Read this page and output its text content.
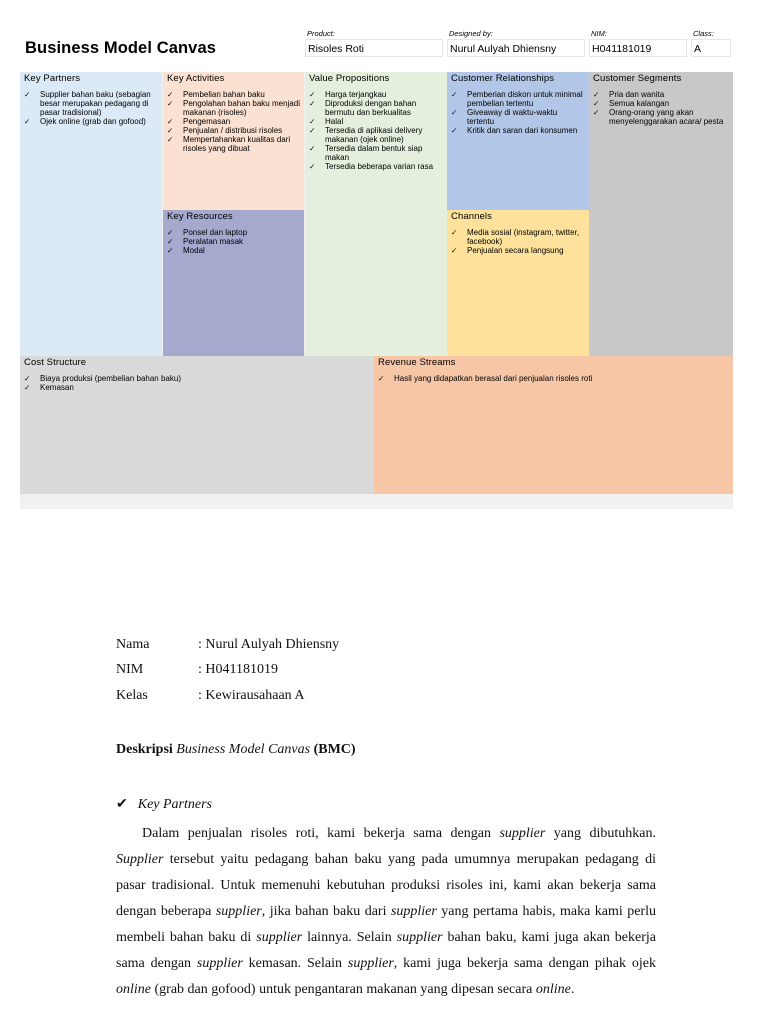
Business Model Canvas
Product:
Risoles Roti
Designed by:
Nurul Aulyah Dhiensny
NIM:
H041181019
Class:
A
Key Partners
✓ Supplier bahan baku (sebagian besar merupakan pedagang di pasar tradisional)
✓ Ojek online (grab dan gofood)
Key Activities
✓ Pembelian bahan baku
✓ Pengolahan bahan baku menjadi makanan (risoles)
✓ Pengemasan
✓ Penjualan / distribusi risoles
✓ Mempertahankan kualitas dari risoles yang dibuat
Key Resources
✓ Ponsel dan laptop
✓ Peralatan masak
✓ Modal
Value Propositions
✓ Harga terjangkau
✓ Diproduksi dengan bahan bermutu dan berkualitas
✓ Halal
✓ Tersedia di aplikasi delivery makanan (ojek online)
✓ Tersedia dalam bentuk siap makan
✓ Tersedia beberapa varian rasa
Customer Relationships
✓ Pemberian diskon untuk minimal pembelian tertentu
✓ Giveaway di waktu-waktu tertentu
✓ Kritik dan saran dari konsumen
Channels
✓ Media sosial (instagram, twitter, facebook)
✓ Penjualan secara langsung
Customer Segments
✓ Pria dan wanita
✓ Semua kalangan
✓ Orang-orang yang akan menyelenggarakan acara/ pesta
Cost Structure
✓ Biaya produksi (pembelian bahan baku)
✓ Kemasan
Revenue Streams
✓ Hasil yang didapatkan berasal dari penjualan risoles roti
Nama	: Nurul Aulyah Dhiensny
NIM	: H041181019
Kelas	: Kewirausahaan A
Deskripsi Business Model Canvas (BMC)
✔ Key Partners
Dalam penjualan risoles roti, kami bekerja sama dengan supplier yang dibutuhkan. Supplier tersebut yaitu pedagang bahan baku yang pada umumnya merupakan pedagang di pasar tradisional. Untuk memenuhi kebutuhan produksi risoles ini, kami akan bekerja sama dengan beberapa supplier, jika bahan baku dari supplier yang pertama habis, maka kami perlu membeli bahan baku di supplier lainnya. Selain supplier bahan baku, kami juga akan bekerja sama dengan supplier kemasan. Selain supplier, kami juga bekerja sama dengan pihak ojek online (grab dan gofood) untuk pengantaran makanan yang dipesan secara online.
